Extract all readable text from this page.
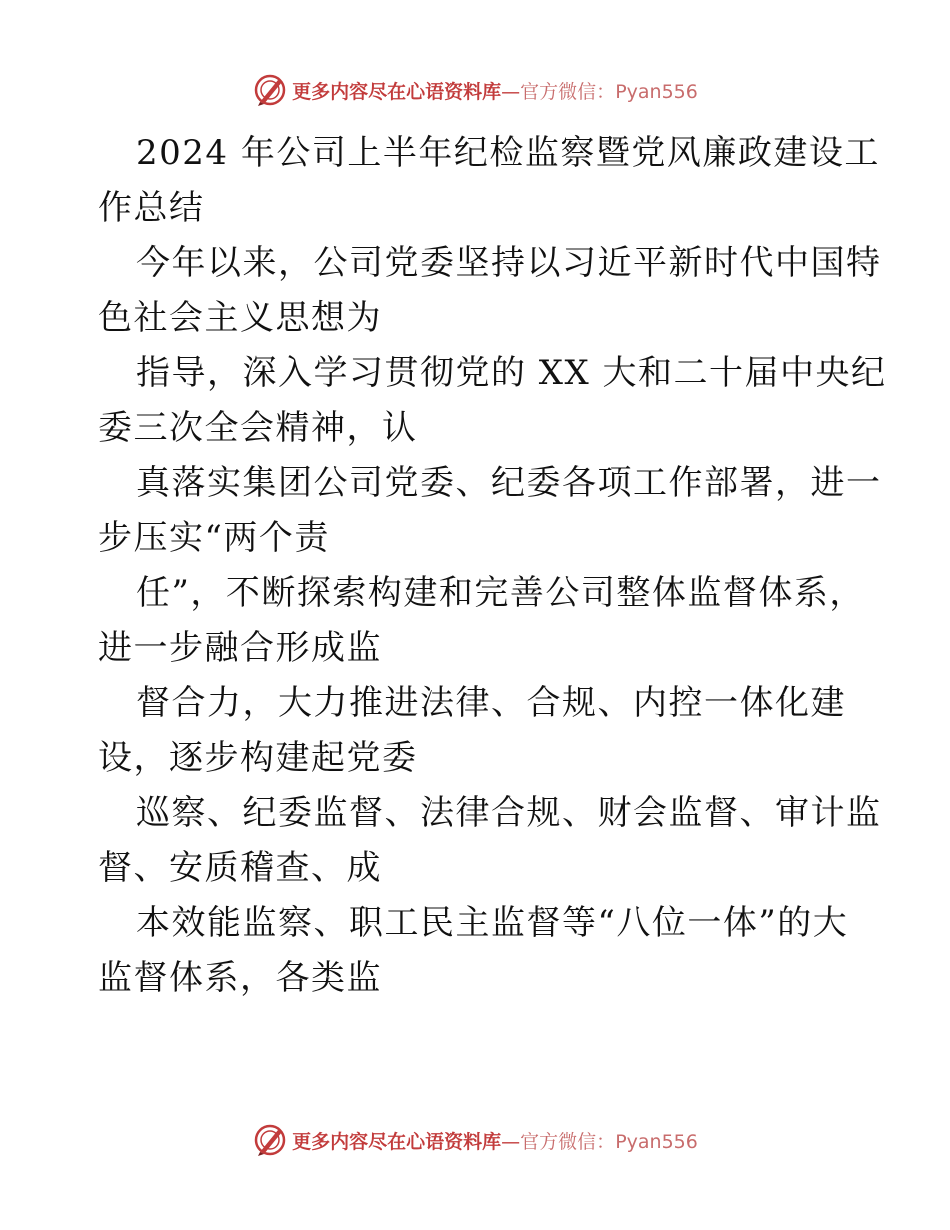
更多内容尽在心语资料库—官方微信：Pyan556
2024 年公司上半年纪检监察暨党风廉政建设工
作总结
今年以来，公司党委坚持以习近平新时代中国特
色社会主义思想为
指导，深入学习贯彻党的 XX 大和二十届中央纪
委三次全会精神，认
真落实集团公司党委、纪委各项工作部署，进一
步压实“两个责
任”，不断探索构建和完善公司整体监督体系，
进一步融合形成监
督合力，大力推进法律、合规、内控一体化建
设，逐步构建起党委
巡察、纪委监督、法律合规、财会监督、审计监
督、安质稽查、成
本效能监察、职工民主监督等“八位一体”的大
监督体系，各类监
更多内容尽在心语资料库—官方微信：Pyan556
